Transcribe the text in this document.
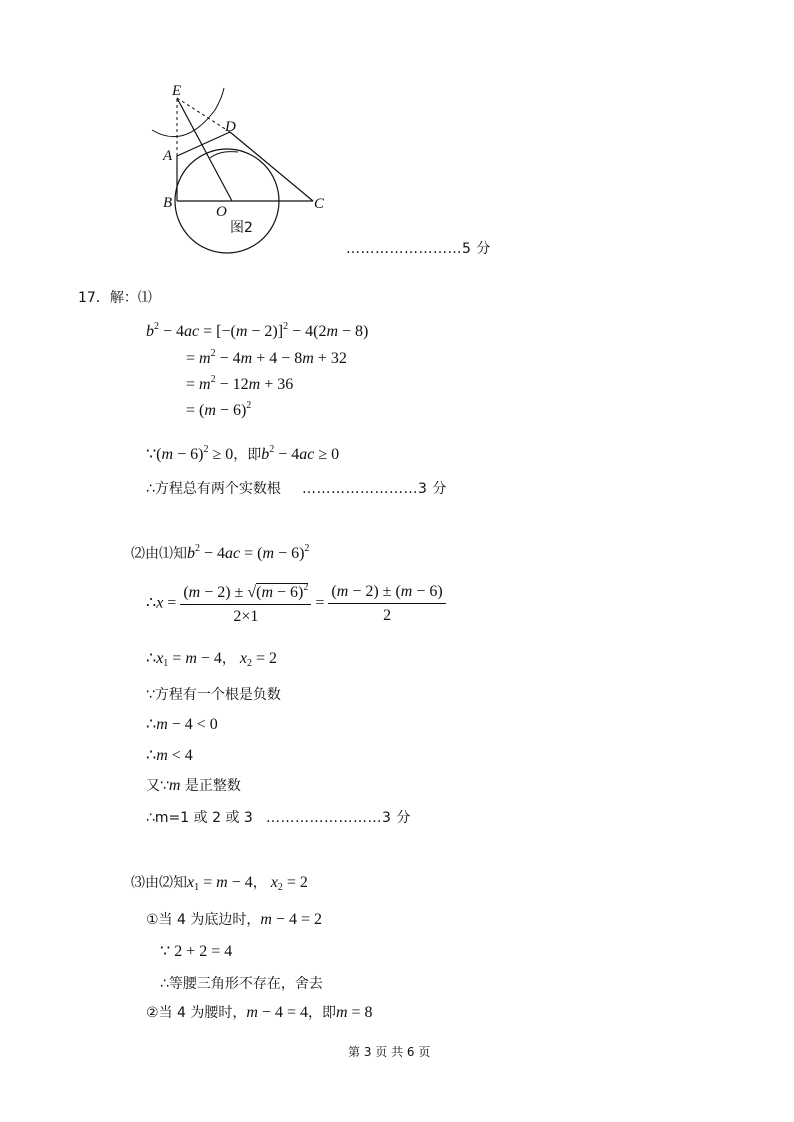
E
D
A
B
O	C
图2
……………………5 分
17．解：⑴
$b^2 - 4ac = [-(m - 2)]^2 - 4(2m - 8)$
= $m^2 - 4m + 4 - 8m + 32$
= $m^2 - 12m + 36$
= $(m - 6)^2$
∵(m − 6)$^2$ ≥ 0，即$b^2 - 4ac \ge 0$
∴方程总有两个实数根 ……………………3 分
⑵由⑴知$b^2 - 4ac = (m - 6)^2$
∴x = $\frac{(m - 2) \pm √(m - 6)^2}{2\times 1} = \frac{(m - 2) \pm (m - 6)}{2}$
$\therefore x_1 = m - 4$， $x_2 = 2$
∵方程有一个根是负数
∴m − 4 < 0
∴m < 4
又∵m 是正整数
∴m=1 或 2 或 3 ……………………3 分
⑶由⑵知$x_1 = m - 4$， $x_2 = 2$
①当 4 为底边时，m − 4 = 2
∵ 2 + 2 = 4
∴等腰三角形不存在，舍去
②当 4 为腰时，m − 4 = 4，即m = 8
第 3 页 共 6 页
